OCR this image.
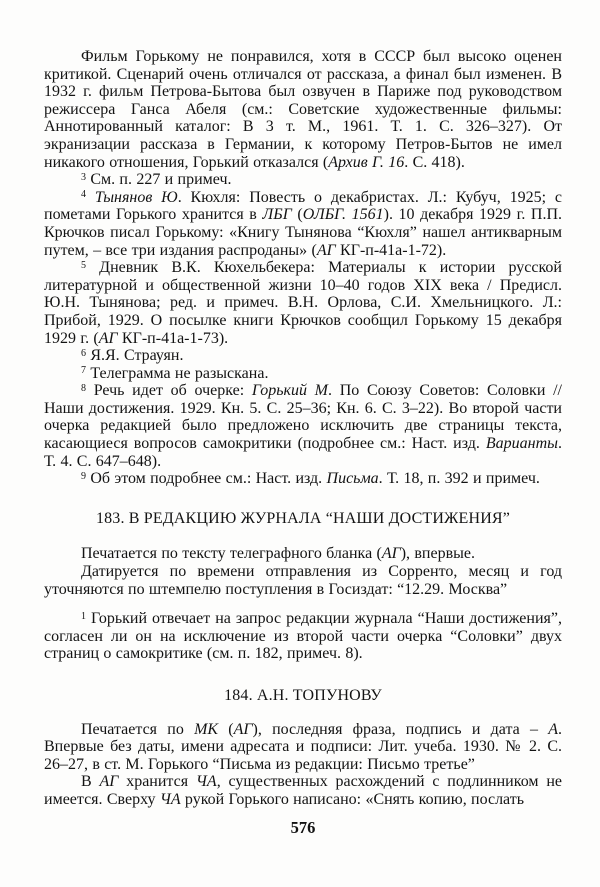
Фильм Горькому не понравился, хотя в СССР был высоко оценен критикой. Сценарий очень отличался от рассказа, а финал был изменен. В 1932 г. фильм Петрова-Бытова был озвучен в Париже под руководством режиссера Ганса Абеля (см.: Советские художественные фильмы: Аннотированный каталог: В 3 т. М., 1961. Т. 1. С. 326–327). От экранизации рассказа в Германии, к которому Петров-Бытов не имел никакого отношения, Горький отказался (Архив Г. 16. С. 418).

$^3$ См. п. 227 и примеч.

$^4$ Тынянов Ю. Кюхля: Повесть о декабристах. Л.: Кубуч, 1925; с пометами Горького хранится в ЛБГ (ОЛБГ. 1561). 10 декабря 1929 г. П.П. Крючков писал Горькому: «Книгу Тынянова “Кюхля” нашел антикварным путем, – все три издания распроданы» (АГ КГ-п-41а-1-72).

$^5$ Дневник В.К. Кюхельбекера: Материалы к истории русской литературной и общественной жизни 10–40 годов XIX века / Предисл. Ю.Н. Тынянова; ред. и примеч. В.Н. Орлова, С.И. Хмельницкого. Л.: Прибой, 1929. О посылке книги Крючков сообщил Горькому 15 декабря 1929 г. (АГ КГ-п-41а-1-73).

$^6$ Я.Я. Страуян.

$^7$ Телеграмма не разыскана.

$^8$ Речь идет об очерке: Горький М. По Союзу Советов: Соловки // Наши достижения. 1929. Кн. 5. С. 25–36; Кн. 6. С. 3–22). Во второй части очерка редакцией было предложено исключить две страницы текста, касающиеся вопросов самокритики (подробнее см.: Наст. изд. Варианты. Т. 4. С. 647–648).

$^9$ Об этом подробнее см.: Наст. изд. Письма. Т. 18, п. 392 и примеч.

183. В РЕДАКЦИЮ ЖУРНАЛА “НАШИ ДОСТИЖЕНИЯ”

Печатается по тексту телеграфного бланка (АГ), впервые.

Датируется по времени отправления из Сорренто, месяц и год уточняются по штемпелю поступления в Госиздат: “12.29. Москва”

$^1$ Горький отвечает на запрос редакции журнала “Наши достижения”, согласен ли он на исключение из второй части очерка “Соловки” двух страниц о самокритике (см. п. 182, примеч. 8).

184. А.Н. ТОПУНОВУ

Печатается по МК (АГ), последняя фраза, подпись и дата – А. Впервые без даты, имени адресата и подписи: Лит. учеба. 1930. № 2. С. 26–27, в ст. М. Горького “Письма из редакции: Письмо третье”

В АГ хранится ЧА, существенных расхождений с подлинником не имеется. Сверху ЧА рукой Горького написано: «Снять копию, послать

576
